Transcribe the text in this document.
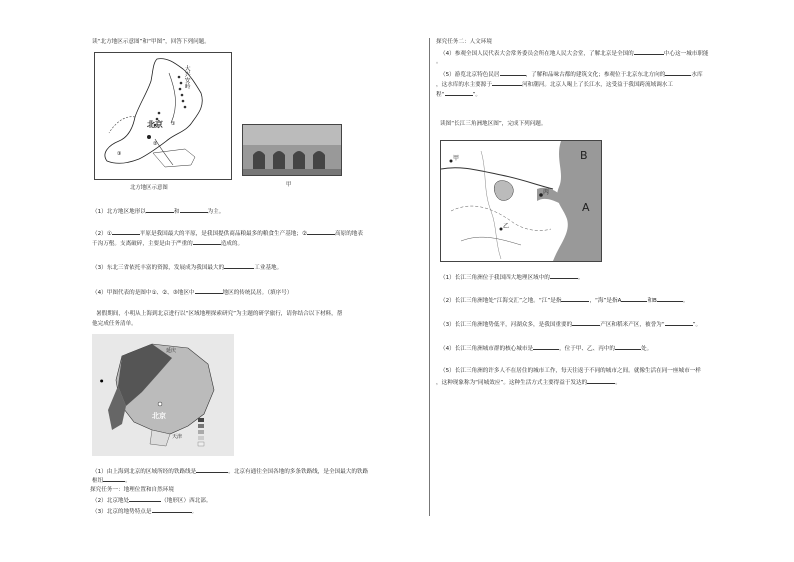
读“北方地区示意图”和“甲图”，回答下列问题。
①
②
③
北京
大兴安岭
北方地区示意图	甲
（1）北方地区地形以	和	为主。
（2）①	平原是我国最大的平原，是我国提供商品粮最多的粮食生产基地；②	高原的地表
千沟万壑。支离破碎，主要是由于严重的	造成的。
（3）东北三省依托丰富的资源，发展成为我国最大的	工业基地。
（4）甲图代表的是图中①、②、③地区中	地区的传统民居。（填序号）
暑假期间，小明从上海到北京进行以“区域地理探索研究”为主题的研学旅行，请你结合以下材料，帮
他完成任务清单。
●
延庆
北京
天津
（1）由上海到北京的区域所经的铁路线是	。北京有通往全国各地的多条铁路线，是全国最大的铁路
枢纽	。
探究任务一：地理位置和自然环境
（2）北京地处	（地形区）西北部。
（3）北京的地势特点是	。
探究任务二：人文环境
（4）参观全国人民代表大会常务委员会所在地人民大会堂，了解北京是全国的	中心这一城市职能
。
（5）游览北京特色民居	，了解和品味古都的建筑文化；参观位于北京东北方向的	水库
，这水库的水主要源于	河和潮河。北京人喝上了长江水，这受益于我国跨流域调水工
程“	”。
读图“长江三角洲地区图”，完成下列问题。
B
A
甲
丙
乙
（1）长江三角洲位于我国四大地理区域中的	。
（2）长江三角洲地处“江海交汇”之地。“江”是指	，“海”是指A	和B	。
（3）长江三角洲地势低平，河湖众多，是我国重要的	产区和稻米产区，被誉为“	”。
（4）长江三角洲城市群的核心城市是	，位于甲、乙、丙中的	处。
（5）长江三角洲的许多人不在居住的城市工作，每天往返于不同的城市之间。就像生活在同一座城市一样
，这种现象称为“同城效应”。这种生活方式主要得益于发达的	。
